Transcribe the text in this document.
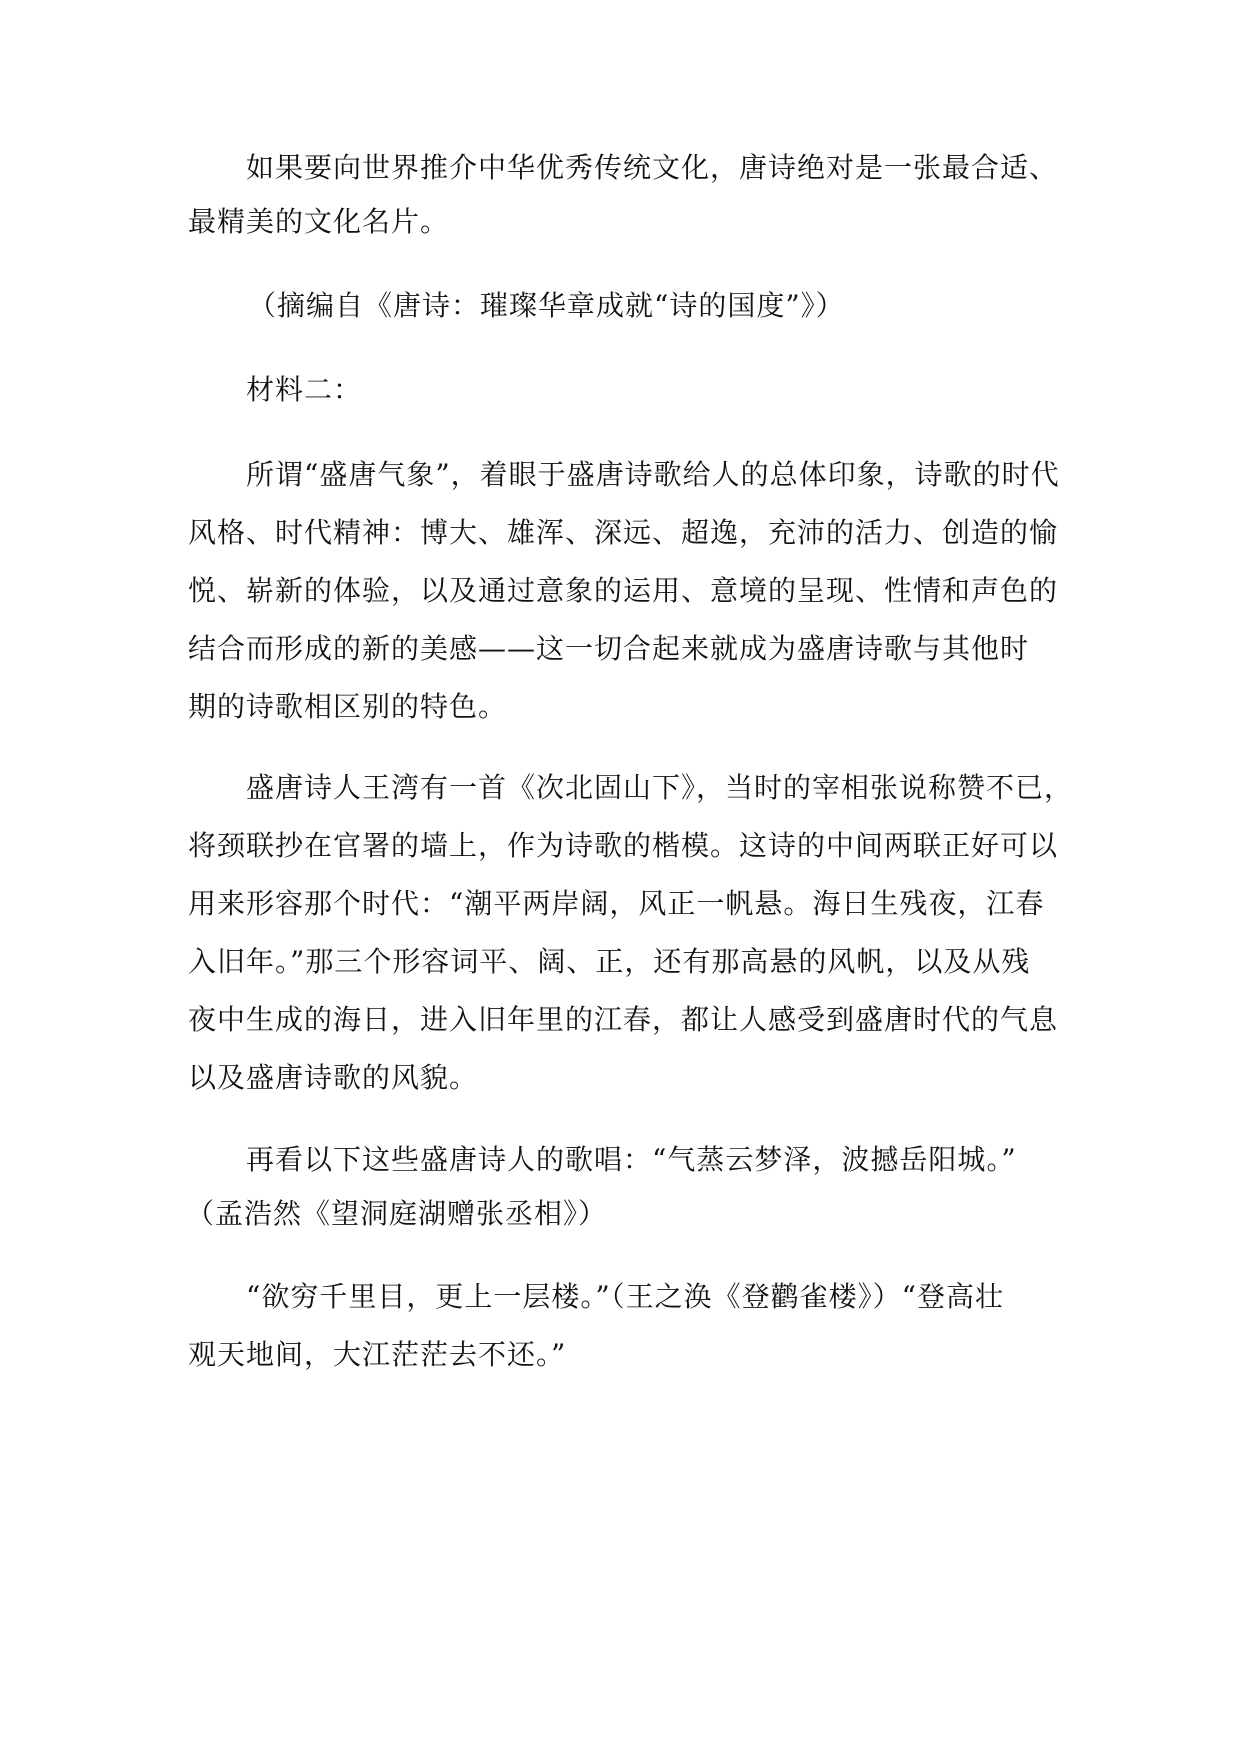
如果要向世界推介中华优秀传统文化，唐诗绝对是一张最合适、
最精美的文化名片。
（摘编自《唐诗：璀璨华章成就“诗的国度”》）
材料二：
所谓“盛唐气象”，着眼于盛唐诗歌给人的总体印象，诗歌的时代
风格、时代精神：博大、雄浑、深远、超逸，充沛的活力、创造的愉
悦、崭新的体验，以及通过意象的运用、意境的呈现、性情和声色的
结合而形成的新的美感——这一切合起来就成为盛唐诗歌与其他时
期的诗歌相区别的特色。
盛唐诗人王湾有一首《次北固山下》，当时的宰相张说称赞不已，
将颈联抄在官署的墙上，作为诗歌的楷模。这诗的中间两联正好可以
用来形容那个时代：“潮平两岸阔，风正一帆悬。海日生残夜，江春
入旧年。”那三个形容词平、阔、正，还有那高悬的风帆，以及从残
夜中生成的海日，进入旧年里的江春，都让人感受到盛唐时代的气息
以及盛唐诗歌的风貌。
再看以下这些盛唐诗人的歌唱：“气蒸云梦泽，波撼岳阳城。”
（孟浩然《望洞庭湖赠张丞相》）
“欲穷千里目，更上一层楼。”（王之涣《登鹳雀楼》）“登高壮
观天地间，大江茫茫去不还。”
